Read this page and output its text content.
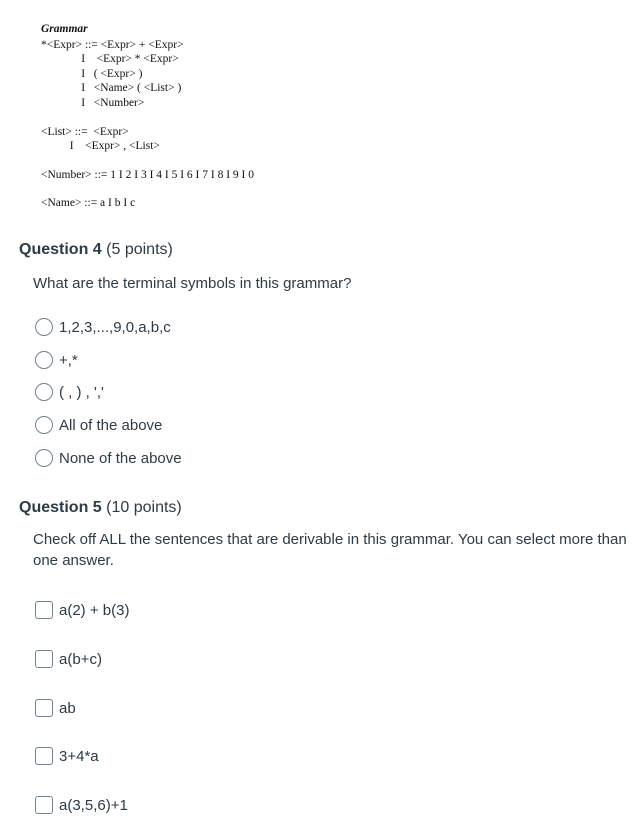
Grammar
*<Expr> ::= <Expr> + <Expr>
I    <Expr> * <Expr>
I   ( <Expr> )
I   <Name> ( <List> )
I   <Number>
<List> ::=  <Expr>
I    <Expr> , <List>
<Number> ::= 1 I 2 I 3 I 4 I 5 I 6 I 7 I 8 I 9 I 0
<Name> ::= a I b I c
Question 4 (5 points)
What are the terminal symbols in this grammar?
1,2,3,...,9,0,a,b,c
+,*
( , ) , ','
All of the above
None of the above
Question 5 (10 points)
Check off ALL the sentences that are derivable in this grammar. You can select more than one answer.
a(2) + b(3)
a(b+c)
ab
3+4*a
a(3,5,6)+1
